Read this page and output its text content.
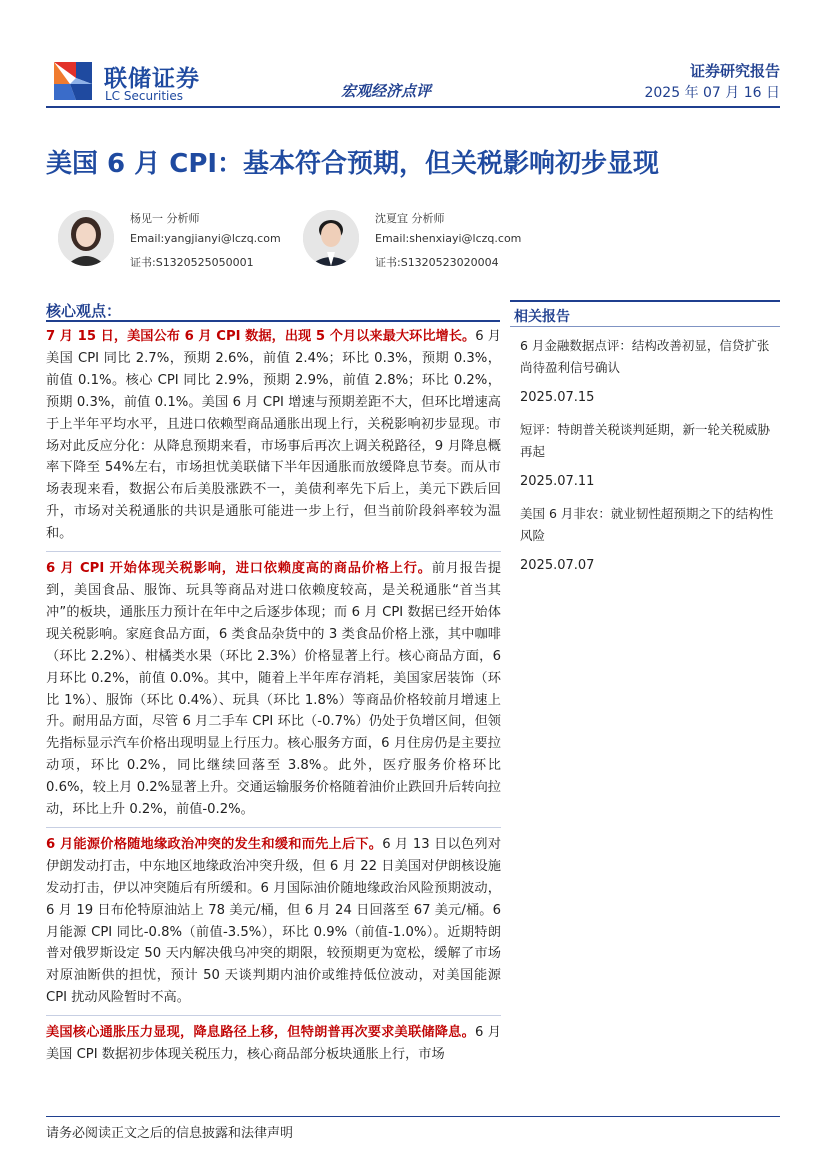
联储证券
LC Securities	宏观经济点评
证券研究报告
2025 年 07 月 16 日
美国 6 月 CPI：基本符合预期，但关税影响初步显现
杨见一 分析师
Email:yangjianyi@lczq.com
证书:S1320525050001
沈夏宜 分析师
Email:shenxiayi@lczq.com
证书:S1320523020004
核心观点：

7 月 15 日，美国公布 6 月 CPI 数据，出现 5 个月以来最大环比增长。6 月美国 CPI 同比 2.7%，预期 2.6%，前值 2.4%；环比 0.3%，预期 0.3%，前值 0.1%。核心 CPI 同比 2.9%，预期 2.9%，前值 2.8%；环比 0.2%，预期 0.3%，前值 0.1%。美国 6 月 CPI 增速与预期差距不大，但环比增速高于上半年平均水平，且进口依赖型商品通胀出现上行，关税影响初步显现。市场对此反应分化：从降息预期来看，市场事后再次上调关税路径，9 月降息概率下降至 54%左右，市场担忧美联储下半年因通胀而放缓降息节奏。而从市场表现来看，数据公布后美股涨跌不一，美债利率先下后上，美元下跌后回升，市场对关税通胀的共识是通胀可能进一步上行，但当前阶段斜率较为温和。

6 月 CPI 开始体现关税影响，进口依赖度高的商品价格上行。前月报告提到，美国食品、服饰、玩具等商品对进口依赖度较高，是关税通胀“首当其冲”的板块，通胀压力预计在年中之后逐步体现；而 6 月 CPI 数据已经开始体现关税影响。家庭食品方面，6 类食品杂货中的 3 类食品价格上涨，其中咖啡（环比 2.2%）、柑橘类水果（环比 2.3%）价格显著上行。核心商品方面，6 月环比 0.2%，前值 0.0%。其中，随着上半年库存消耗，美国家居装饰（环比 1%）、服饰（环比 0.4%）、玩具（环比 1.8%）等商品价格较前月增速上升。耐用品方面，尽管 6 月二手车 CPI 环比（-0.7%）仍处于负增区间，但领先指标显示汽车价格出现明显上行压力。核心服务方面，6 月住房仍是主要拉动项，环比 0.2%，同比继续回落至 3.8%。此外，医疗服务价格环比 0.6%，较上月 0.2%显著上升。交通运输服务价格随着油价止跌回升后转向拉动，环比上升 0.2%，前值-0.2%。

6 月能源价格随地缘政治冲突的发生和缓和而先上后下。6 月 13 日以色列对伊朗发动打击，中东地区地缘政治冲突升级，但 6 月 22 日美国对伊朗核设施发动打击，伊以冲突随后有所缓和。6 月国际油价随地缘政治风险预期波动，6 月 19 日布伦特原油站上 78 美元/桶，但 6 月 24 日回落至 67 美元/桶。6 月能源 CPI 同比-0.8%（前值-3.5%），环比 0.9%（前值-1.0%）。近期特朗普对俄罗斯设定 50 天内解决俄乌冲突的期限，较预期更为宽松，缓解了市场对原油断供的担忧，预计 50 天谈判期内油价或维持低位波动，对美国能源 CPI 扰动风险暂时不高。

美国核心通胀压力显现，降息路径上移，但特朗普再次要求美联储降息。6 月美国 CPI 数据初步体现关税压力，核心商品部分板块通胀上行，市场

相关报告
6 月金融数据点评：结构改善初显，信贷扩张尚待盈利信号确认
2025.07.15
短评：特朗普关税谈判延期，新一轮关税威胁再起
2025.07.11
美国 6 月非农：就业韧性超预期之下的结构性风险
2025.07.07
请务必阅读正文之后的信息披露和法律声明
